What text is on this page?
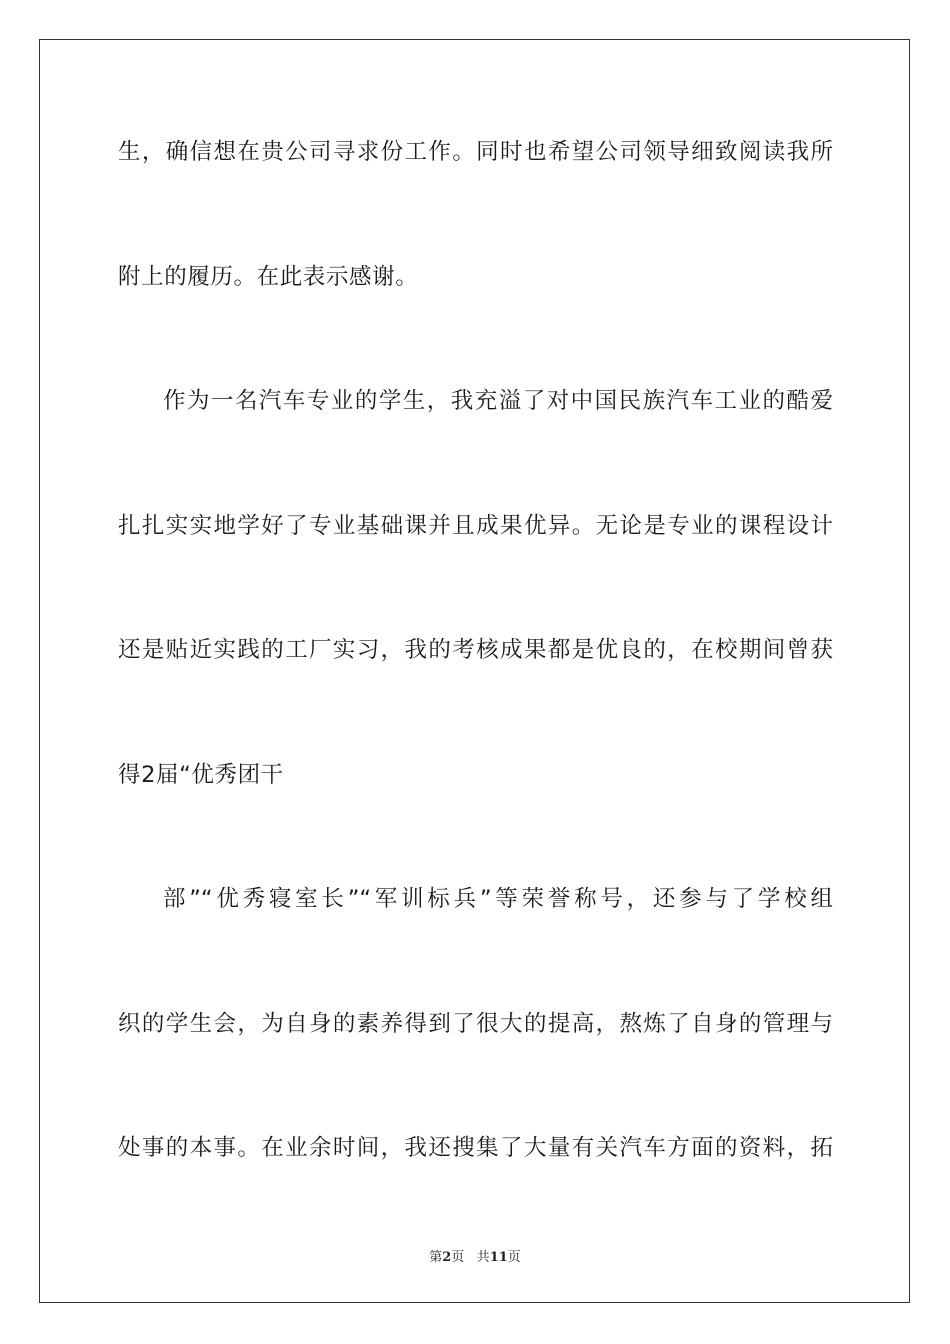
生，确信想在贵公司寻求份工作。同时也希望公司领导细致阅读我所
附上的履历。在此表示感谢。
作为一名汽车专业的学生，我充溢了对中国民族汽车工业的酷爱
扎扎实实地学好了专业基础课并且成果优异。无论是专业的课程设计
还是贴近实践的工厂实习，我的考核成果都是优良的，在校期间曾获
得2届“优秀团干
部”“优秀寝室长”“军训标兵”等荣誉称号，还参与了学校组
织的学生会，为自身的素养得到了很大的提高，熬炼了自身的管理与
处事的本事。在业余时间，我还搜集了大量有关汽车方面的资料，拓
第2页 共11页
